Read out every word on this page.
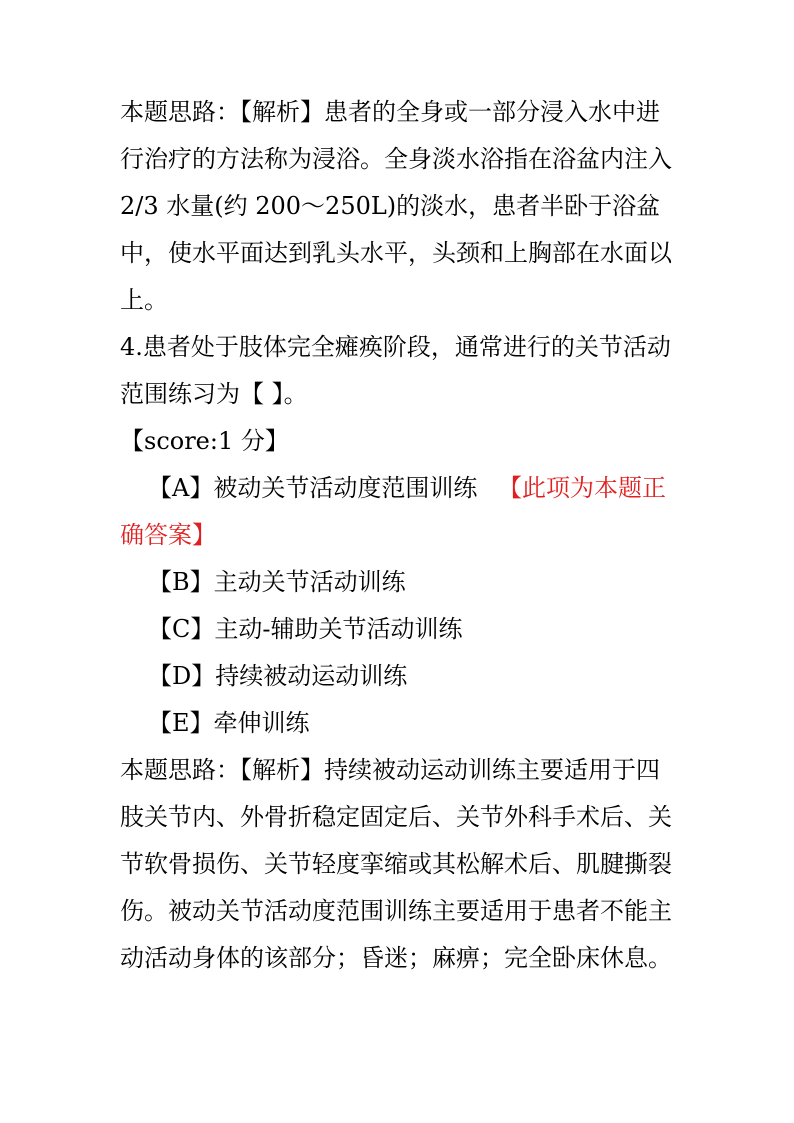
本题思路：【解析】患者的全身或一部分浸入水中进
行治疗的方法称为浸浴。全身淡水浴指在浴盆内注入
2/3 水量(约 200～250L)的淡水，患者半卧于浴盆
中，使水平面达到乳头水平，头颈和上胸部在水面以
上。
4.患者处于肢体完全瘫痪阶段，通常进行的关节活动
范围练习为【 】。
【score:1 分】
【A】被动关节活动度范围训练 【此项为本题正
确答案】
【B】主动关节活动训练
【C】主动-辅助关节活动训练
【D】持续被动运动训练
【E】牵伸训练
本题思路：【解析】持续被动运动训练主要适用于四
肢关节内、外骨折稳定固定后、关节外科手术后、关
节软骨损伤、关节轻度挛缩或其松解术后、肌腱撕裂
伤。被动关节活动度范围训练主要适用于患者不能主
动活动身体的该部分；昏迷；麻痹；完全卧床休息。
